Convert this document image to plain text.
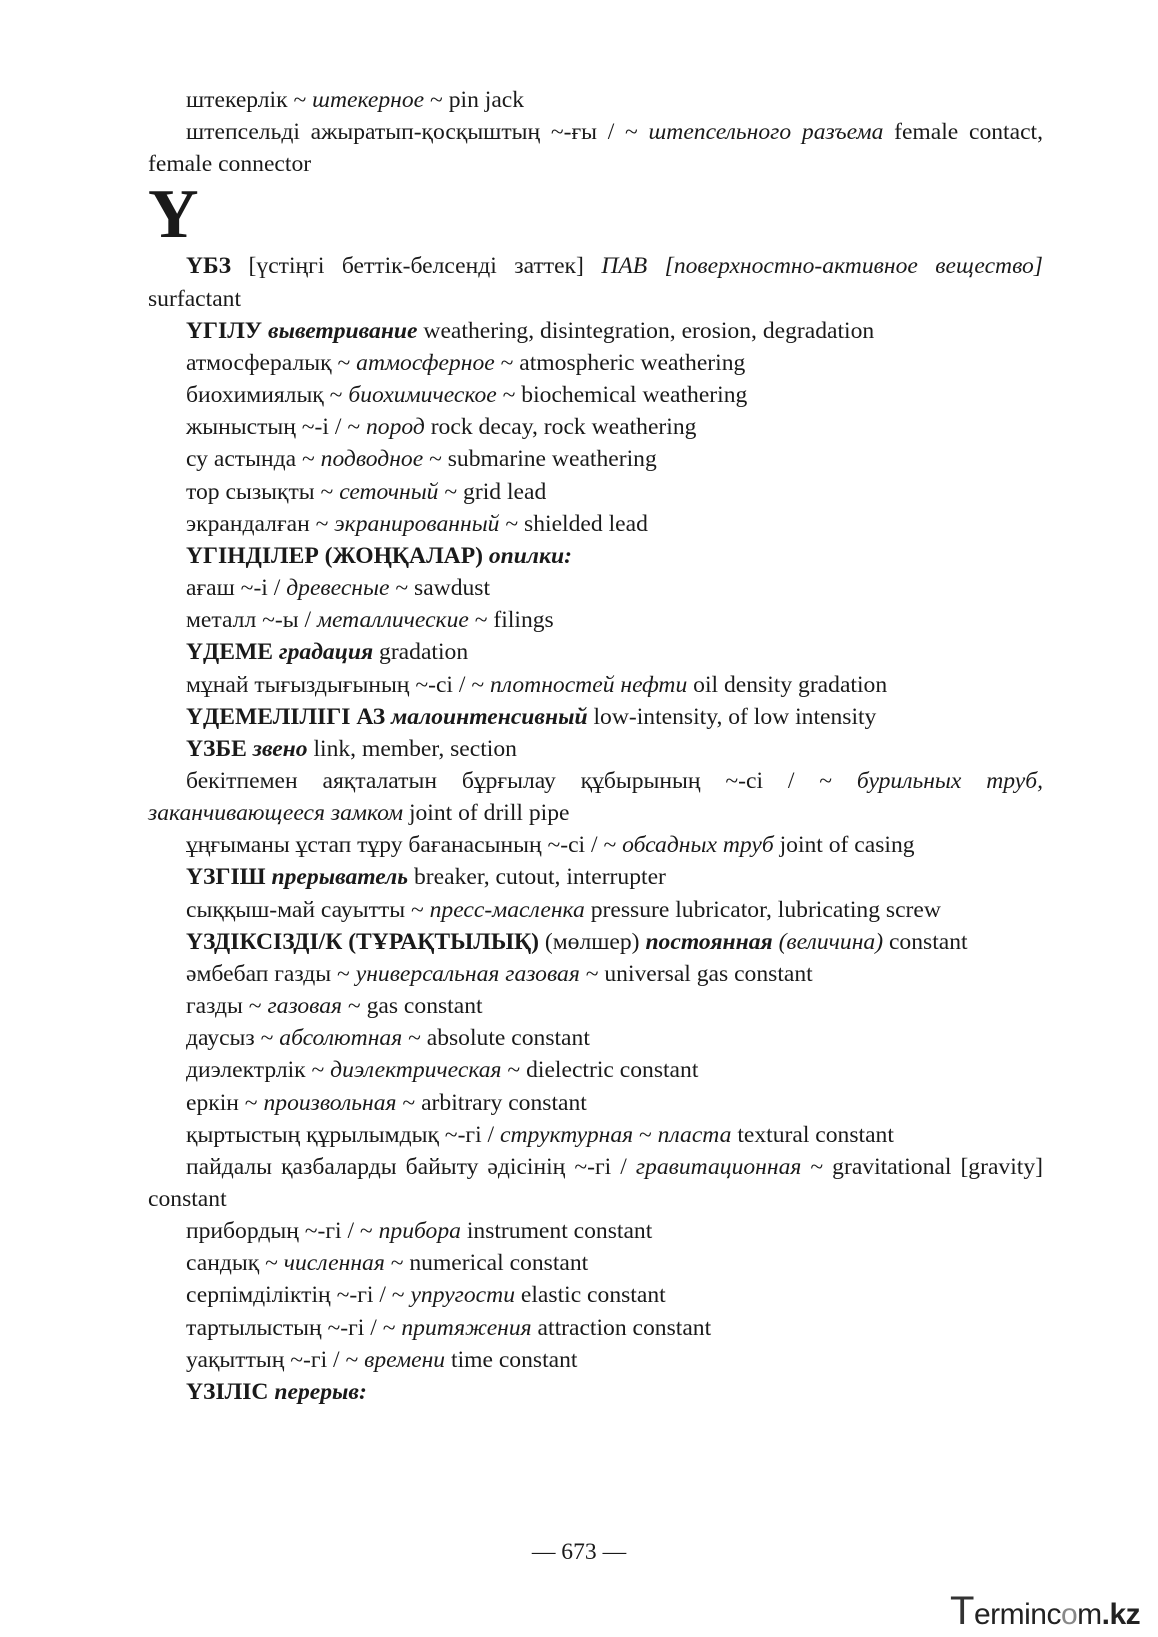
штекерлік ~ штекерное ~ pin jack

штепсельді ажыратып-қосқыштың ~-ғы / ~ штепсельного разъема female contact, female connector

Ү

ҮБЗ [үстіңгі беттік-белсенді заттек] ПАВ [поверхностно-активное вещество] surfactant

ҮГІЛУ выветривание weathering, disintegration, erosion, degradation

атмосфералық ~ атмосферное ~ atmospheric weathering

биохимиялық ~ биохимическое ~ biochemical weathering

жыныстың ~-і / ~ пород rock decay, rock weathering

су астында ~ подводное ~ submarine weathering

тор сызықты ~ сеточный ~ grid lead

экрандалған ~ экранированный ~ shielded lead

ҮГІНДІЛЕР (ЖОҢҚАЛАР) опилки:

ағаш ~-і / древесные ~ sawdust

металл ~-ы / металлические ~ filings

ҮДЕМЕ градация gradation

мұнай тығыздығының ~-сі / ~ плотностей нефти oil density gradation

ҮДЕМЕЛІЛІГІ АЗ малоинтенсивный low-intensity, of low intensity

ҮЗБЕ звено link, member, section

бекітпемен аяқталатын бұрғылау құбырының ~-сі / ~ бурильных труб, заканчивающееся замком joint of drill pipe

ұңғыманы ұстап тұру бағанасының ~-сі / ~ обсадных труб joint of casing

ҮЗГІШ прерыватель breaker, cutout, interrupter

сыққыш-май сауытты ~ пресс-масленка pressure lubricator, lubricating screw

ҮЗДІКСІЗДІ/К (ТҰРАҚТЫЛЫҚ) (мөлшер) постоянная (величина) constant

әмбебап газды ~ универсальная газовая ~ universal gas constant

газды ~ газовая ~ gas constant

даусыз ~ абсолютная ~ absolute constant

диэлектрлік ~ диэлектрическая ~ dielectric constant

еркін ~ произвольная ~ arbitrary constant

қыртыстың құрылымдық ~-гі / структурная ~ пласта textural constant

пайдалы қазбаларды байыту әдісінің ~-гі / гравитационная ~ gravitational [gravity] constant

прибордың ~-гі / ~ прибора instrument constant

сандық ~ численная ~ numerical constant

серпімділіктің ~-гі / ~ упругости elastic constant

тартылыстың ~-гі / ~ притяжения attraction constant

уақыттың ~-гі / ~ времени time constant

ҮЗІЛІС перерыв:

— 673 —
Termincom.kz
